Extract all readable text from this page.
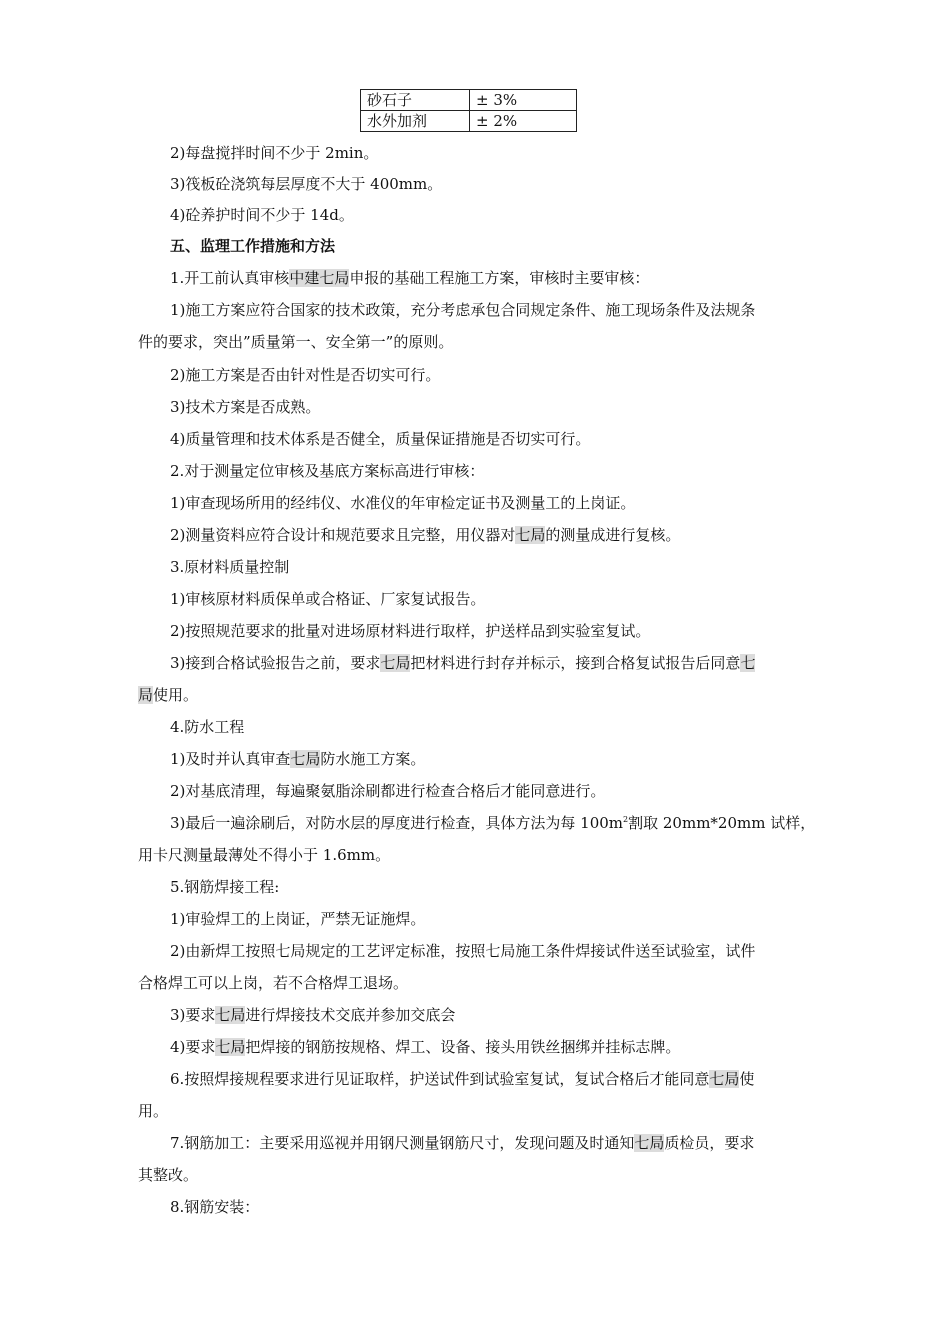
砂石子	± 3%
水外加剂	± 2%
2)每盘搅拌时间不少于 2min。
3)筏板砼浇筑每层厚度不大于 400mm。
4)砼养护时间不少于 14d。
五、监理工作措施和方法
1.开工前认真审核中建七局申报的基础工程施工方案，审核时主要审核：
1)施工方案应符合国家的技术政策，充分考虑承包合同规定条件、施工现场条件及法规条
件的要求，突出”质量第一、安全第一”的原则。
2)施工方案是否由针对性是否切实可行。
3)技术方案是否成熟。
4)质量管理和技术体系是否健全，质量保证措施是否切实可行。
2.对于测量定位审核及基底方案标高进行审核：
1)审查现场所用的经纬仪、水准仪的年审检定证书及测量工的上岗证。
2)测量资料应符合设计和规范要求且完整，用仪器对七局的测量成进行复核。
3.原材料质量控制
1)审核原材料质保单或合格证、厂家复试报告。
2)按照规范要求的批量对进场原材料进行取样，护送样品到实验室复试。
3)接到合格试验报告之前，要求七局把材料进行封存并标示，接到合格复试报告后同意七
局使用。
4.防水工程
1)及时并认真审查七局防水施工方案。
2)对基底清理，每遍聚氨脂涂刷都进行检查合格后才能同意进行。
3)最后一遍涂刷后，对防水层的厚度进行检查，具体方法为每 $100m^2$割取 20mm*20mm 试样，
用卡尺测量最薄处不得小于 1.6mm。
5.钢筋焊接工程:
1)审验焊工的上岗证，严禁无证施焊。
2)由新焊工按照七局规定的工艺评定标准，按照七局施工条件焊接试件送至试验室，试件
合格焊工可以上岗，若不合格焊工退场。
3)要求七局进行焊接技术交底并参加交底会
4)要求七局把焊接的钢筋按规格、焊工、设备、接头用铁丝捆绑并挂标志牌。
6.按照焊接规程要求进行见证取样，护送试件到试验室复试，复试合格后才能同意七局使
用。
7.钢筋加工：主要采用巡视并用钢尺测量钢筋尺寸，发现问题及时通知七局质检员，要求
其整改。
8.钢筋安装：
